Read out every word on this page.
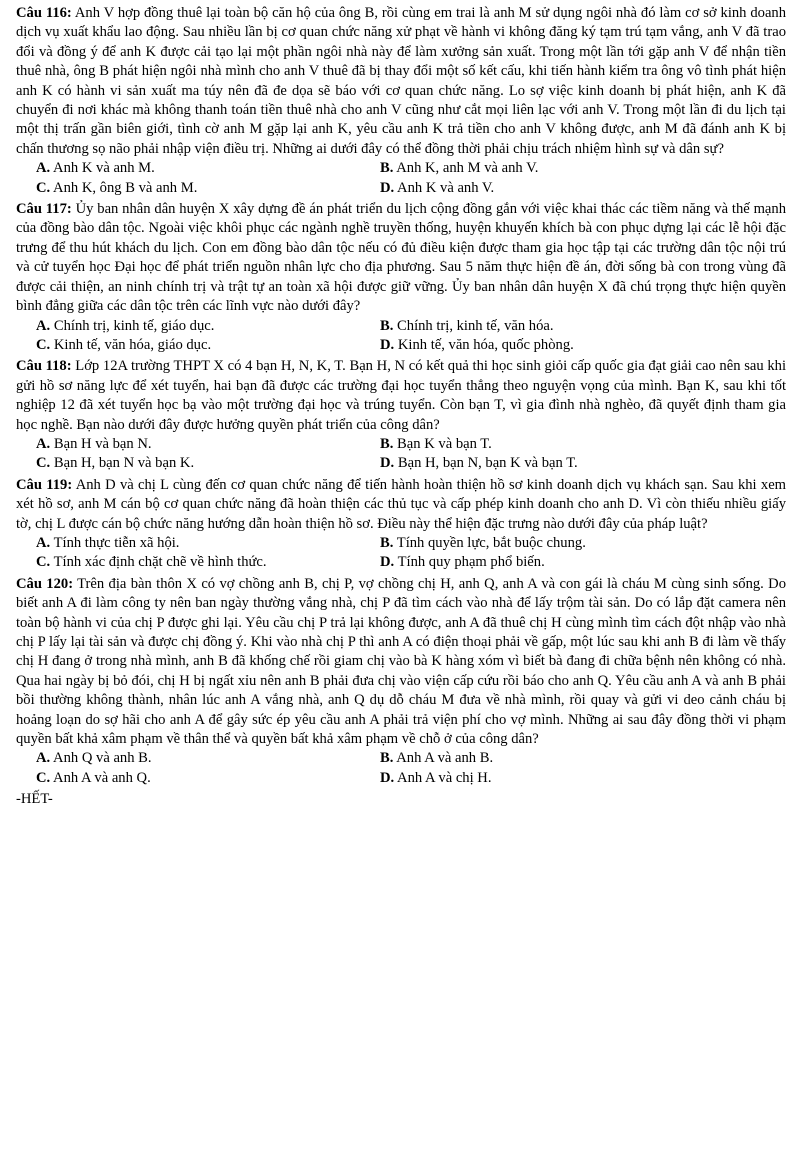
Câu 116: Anh V hợp đồng thuê lại toàn bộ căn hộ của ông B, rồi cùng em trai là anh M sử dụng ngôi nhà đó làm cơ sở kinh doanh dịch vụ xuất khẩu lao động. Sau nhiều lần bị cơ quan chức năng xử phạt về hành vi không đăng ký tạm trú tạm vắng, anh V đã trao đổi và đồng ý để anh K được cải tạo lại một phần ngôi nhà này để làm xưởng sản xuất. Trong một lần tới gặp anh V để nhận tiền thuê nhà, ông B phát hiện ngôi nhà mình cho anh V thuê đã bị thay đổi một số kết cấu, khi tiến hành kiểm tra ông vô tình phát hiện anh K có hành vi sản xuất ma túy nên đã đe dọa sẽ báo với cơ quan chức năng. Lo sợ việc kinh doanh bị phát hiện, anh K đã chuyển đi nơi khác mà không thanh toán tiền thuê nhà cho anh V cũng như cắt mọi liên lạc với anh V. Trong một lần đi du lịch tại một thị trấn gần biên giới, tình cờ anh M gặp lại anh K, yêu cầu anh K trả tiền cho anh V không được, anh M đã đánh anh K bị chấn thương sọ não phải nhập viện điều trị. Những ai dưới đây có thể đồng thời phải chịu trách nhiệm hình sự và dân sự?

A. Anh K và anh M.	B. Anh K, anh M và anh V.
C. Anh K, ông B và anh M.	D. Anh K và anh V.

Câu 117: Ủy ban nhân dân huyện X xây dựng đề án phát triển du lịch cộng đồng gắn với việc khai thác các tiềm năng và thế mạnh của đồng bào dân tộc. Ngoài việc khôi phục các ngành nghề truyền thống, huyện khuyến khích bà con phục dựng lại các lễ hội đặc trưng để thu hút khách du lịch. Con em đồng bào dân tộc nếu có đủ điều kiện được tham gia học tập tại các trường dân tộc nội trú và cử tuyển học Đại học để phát triển nguồn nhân lực cho địa phương. Sau 5 năm thực hiện đề án, đời sống bà con trong vùng đã được cải thiện, an ninh chính trị và trật tự an toàn xã hội được giữ vững. Ủy ban nhân dân huyện X đã chú trọng thực hiện quyền bình đẳng giữa các dân tộc trên các lĩnh vực nào dưới đây?

A. Chính trị, kinh tế, giáo dục.	B. Chính trị, kinh tế, văn hóa.
C. Kinh tế, văn hóa, giáo dục.	D. Kinh tế, văn hóa, quốc phòng.

Câu 118: Lớp 12A trường THPT X có 4 bạn H, N, K, T. Bạn H, N có kết quả thi học sinh giỏi cấp quốc gia đạt giải cao nên sau khi gửi hồ sơ năng lực để xét tuyển, hai bạn đã được các trường đại học tuyển thẳng theo nguyện vọng của mình. Bạn K, sau khi tốt nghiệp 12 đã xét tuyển học bạ vào một trường đại học và trúng tuyển. Còn bạn T, vì gia đình nhà nghèo, đã quyết định tham gia học nghề. Bạn nào dưới đây được hưởng quyền phát triển của công dân?

A. Bạn H và bạn N.	B. Bạn K và bạn T.
C. Bạn H, bạn N và bạn K.	D. Bạn H, bạn N, bạn K và bạn T.

Câu 119: Anh D và chị L cùng đến cơ quan chức năng để tiến hành hoàn thiện hồ sơ kinh doanh dịch vụ khách sạn. Sau khi xem xét hồ sơ, anh M cán bộ cơ quan chức năng đã hoàn thiện các thủ tục và cấp phép kinh doanh cho anh D. Vì còn thiếu nhiều giấy tờ, chị L được cán bộ chức năng hướng dẫn hoàn thiện hồ sơ. Điều này thể hiện đặc trưng nào dưới đây của pháp luật?

A. Tính thực tiễn xã hội.	B. Tính quyền lực, bắt buộc chung.
C. Tính xác định chặt chẽ về hình thức.	D. Tính quy phạm phổ biến.

Câu 120: Trên địa bàn thôn X có vợ chồng anh B, chị P, vợ chồng chị H, anh Q, anh A và con gái là cháu M cùng sinh sống. Do biết anh A đi làm công ty nên ban ngày thường vắng nhà, chị P đã tìm cách vào nhà để lấy trộm tài sản. Do có lắp đặt camera nên toàn bộ hành vi của chị P được ghi lại. Yêu cầu chị P trả lại không được, anh A đã thuê chị H cùng mình tìm cách đột nhập vào nhà chị P lấy lại tài sản và được chị đồng ý. Khi vào nhà chị P thì anh A có điện thoại phải về gấp, một lúc sau khi anh B đi làm về thấy chị H đang ở trong nhà mình, anh B đã khống chế rồi giam chị vào bà K hàng xóm vì biết bà đang đi chữa bệnh nên không có nhà. Qua hai ngày bị bỏ đói, chị H bị ngất xỉu nên anh B phải đưa chị vào viện cấp cứu rồi báo cho anh Q. Yêu cầu anh A và anh B phải bồi thường không thành, nhân lúc anh A vắng nhà, anh Q dụ dỗ cháu M đưa về nhà mình, rồi quay và gửi vi deo cảnh cháu bị hoảng loạn do sợ hãi cho anh A để gây sức ép yêu cầu anh A phải trả viện phí cho vợ mình. Những ai sau đây đồng thời vi phạm quyền bất khả xâm phạm về thân thể và quyền bất khả xâm phạm về chỗ ở của công dân?

A. Anh Q và anh B.	B. Anh A và anh B.
C. Anh A và anh Q.	D. Anh A và chị H.
-HẾT-
